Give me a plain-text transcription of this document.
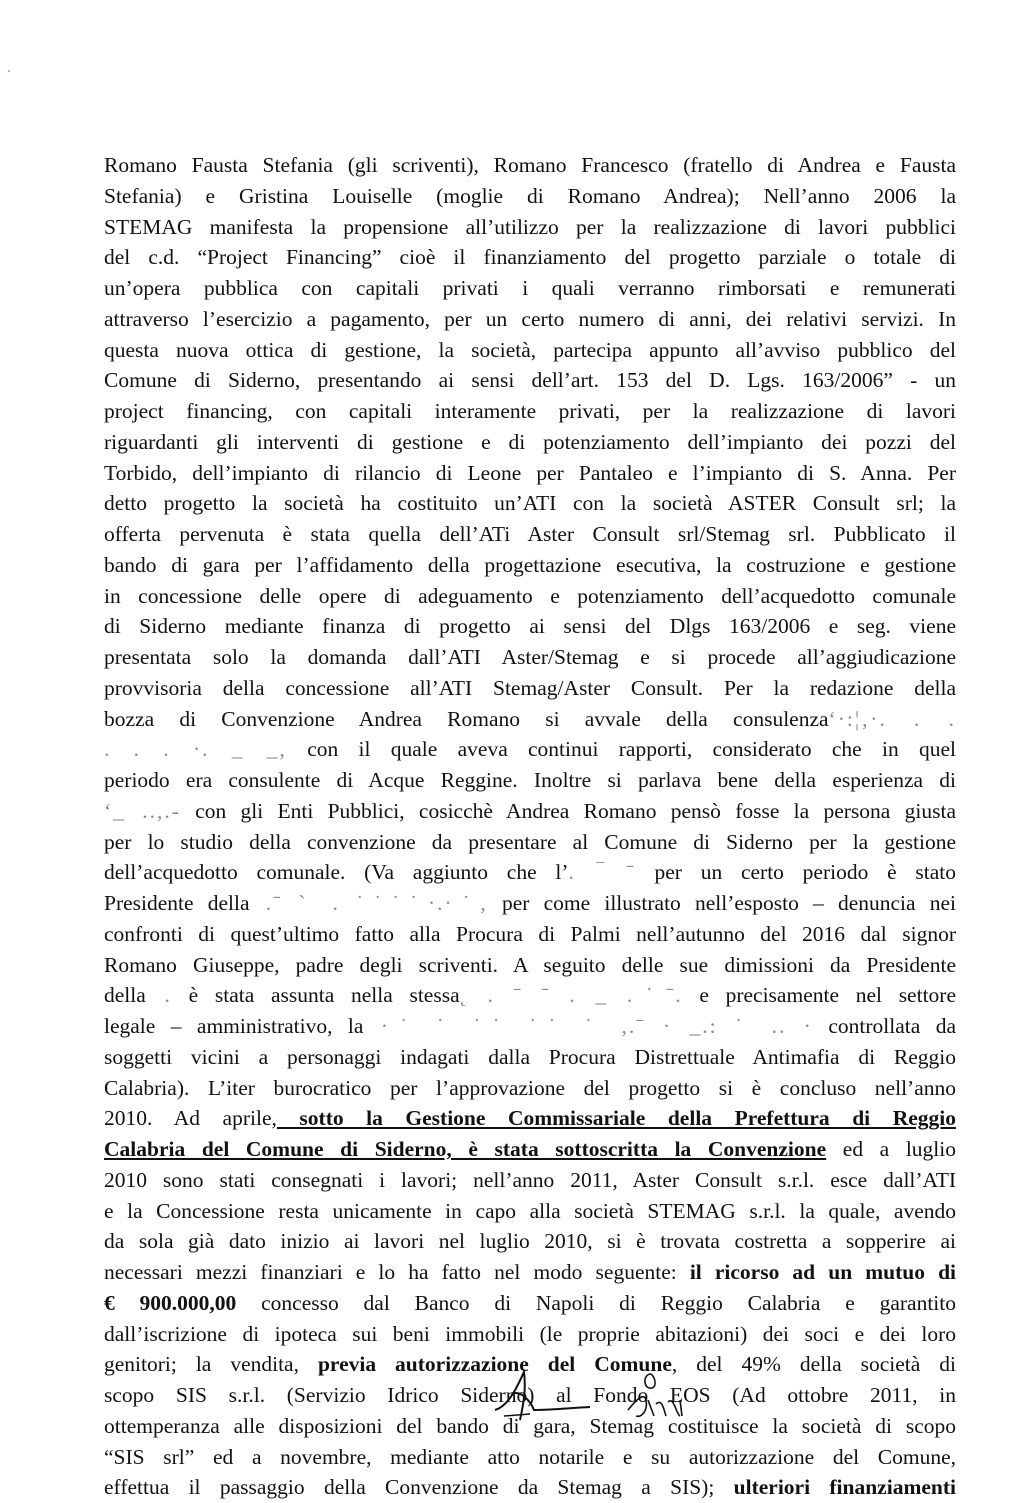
Romano Fausta Stefania (gli scriventi), Romano Francesco (fratello di Andrea e Fausta
Stefania) e Gristina Louiselle (moglie di Romano Andrea); Nell’anno 2006 la
STEMAG manifesta la propensione all’utilizzo per la realizzazione di lavori pubblici
del c.d. “Project Financing” cioè il finanziamento del progetto parziale o totale di
un’opera pubblica con capitali privati i quali verranno rimborsati e remunerati
attraverso l’esercizio a pagamento, per un certo numero di anni, dei relativi servizi. In
questa nuova ottica di gestione, la società, partecipa appunto all’avviso pubblico del
Comune di Siderno, presentando ai sensi dell’art. 153 del D. Lgs. 163/2006” - un
project financing, con capitali interamente privati, per la realizzazione di lavori
riguardanti gli interventi di gestione e di potenziamento dell’impianto dei pozzi del
Torbido, dell’impianto di rilancio di Leone per Pantaleo e l’impianto di S. Anna. Per
detto progetto la società ha costituito un’ATI con la società ASTER Consult srl; la
offerta pervenuta è stata quella dell’ATi Aster Consult srl/Stemag srl. Pubblicato il
bando di gara per l’affidamento della progettazione esecutiva, la costruzione e gestione
in concessione delle opere di adeguamento e potenziamento dell’acquedotto comunale
di Siderno mediante finanza di progetto ai sensi del Dlgs 163/2006 e seg. viene
presentata solo la domanda dall’ATI Aster/Stemag e si procede all’aggiudicazione
provvisoria della concessione all’ATI Stemag/Aster Consult. Per la redazione della
bozza di Convenzione Andrea Romano si avvale della consulenza‘·:¦‚·. . .
. . . ·. _ _, con il quale aveva continui rapporti, considerato che in quel
periodo era consulente di Acque Reggine. Inoltre si parlava bene della esperienza di
‘_ ..,.- con gli Enti Pubblici, cosicchè Andrea Romano pensò fosse la persona giusta
per lo studio della convenzione da presentare al Comune di Siderno per la gestione
dell’acquedotto comunale. (Va aggiunto che l’. ‾ ˉ per un certo periodo è stato
Presidente della .ˉ ˋ . ˙˙˙˙·.·˙, per come illustrato nell’esposto – denuncia nei
confronti di quest’ultimo fatto alla Procura di Palmi nell’autunno del 2016 dal signor
Romano Giuseppe, padre degli scriventi. A seguito delle sue dimissioni da Presidente
della . è stata assunta nella stessa˛ . ˉ ˉ . _ .˙ˉ. e precisamente nel settore
legale – amministrativo, la ·˙ ˙ ˙˙ ˙˙ ˙ ,.ˉ · _.: ˙ .. · controllata da
soggetti vicini a personaggi indagati dalla Procura Distrettuale Antimafia di Reggio
Calabria). L’iter burocratico per l’approvazione del progetto si è concluso nell’anno
2010. Ad aprile, sotto la Gestione Commissariale della Prefettura di Reggio
Calabria del Comune di Siderno, è stata sottoscritta la Convenzione ed a luglio
2010 sono stati consegnati i lavori; nell’anno 2011, Aster Consult s.r.l. esce dall’ATI
e la Concessione resta unicamente in capo alla società STEMAG s.r.l. la quale, avendo
da sola già dato inizio ai lavori nel luglio 2010, si è trovata costretta a sopperire ai
necessari mezzi finanziari e lo ha fatto nel modo seguente: il ricorso ad un mutuo di
€ 900.000,00 concesso dal Banco di Napoli di Reggio Calabria e garantito
dall’iscrizione di ipoteca sui beni immobili (le proprie abitazioni) dei soci e dei loro
genitori; la vendita, previa autorizzazione del Comune, del 49% della società di
scopo SIS s.r.l. (Servizio Idrico Siderno) al Fondo EOS (Ad ottobre 2011, in
ottemperanza alle disposizioni del bando di gara, Stemag costituisce la società di scopo
“SIS srl” ed a novembre, mediante atto notarile e su autorizzazione del Comune,
effettua il passaggio della Convenzione da Stemag a SIS); ulteriori finanziamenti
